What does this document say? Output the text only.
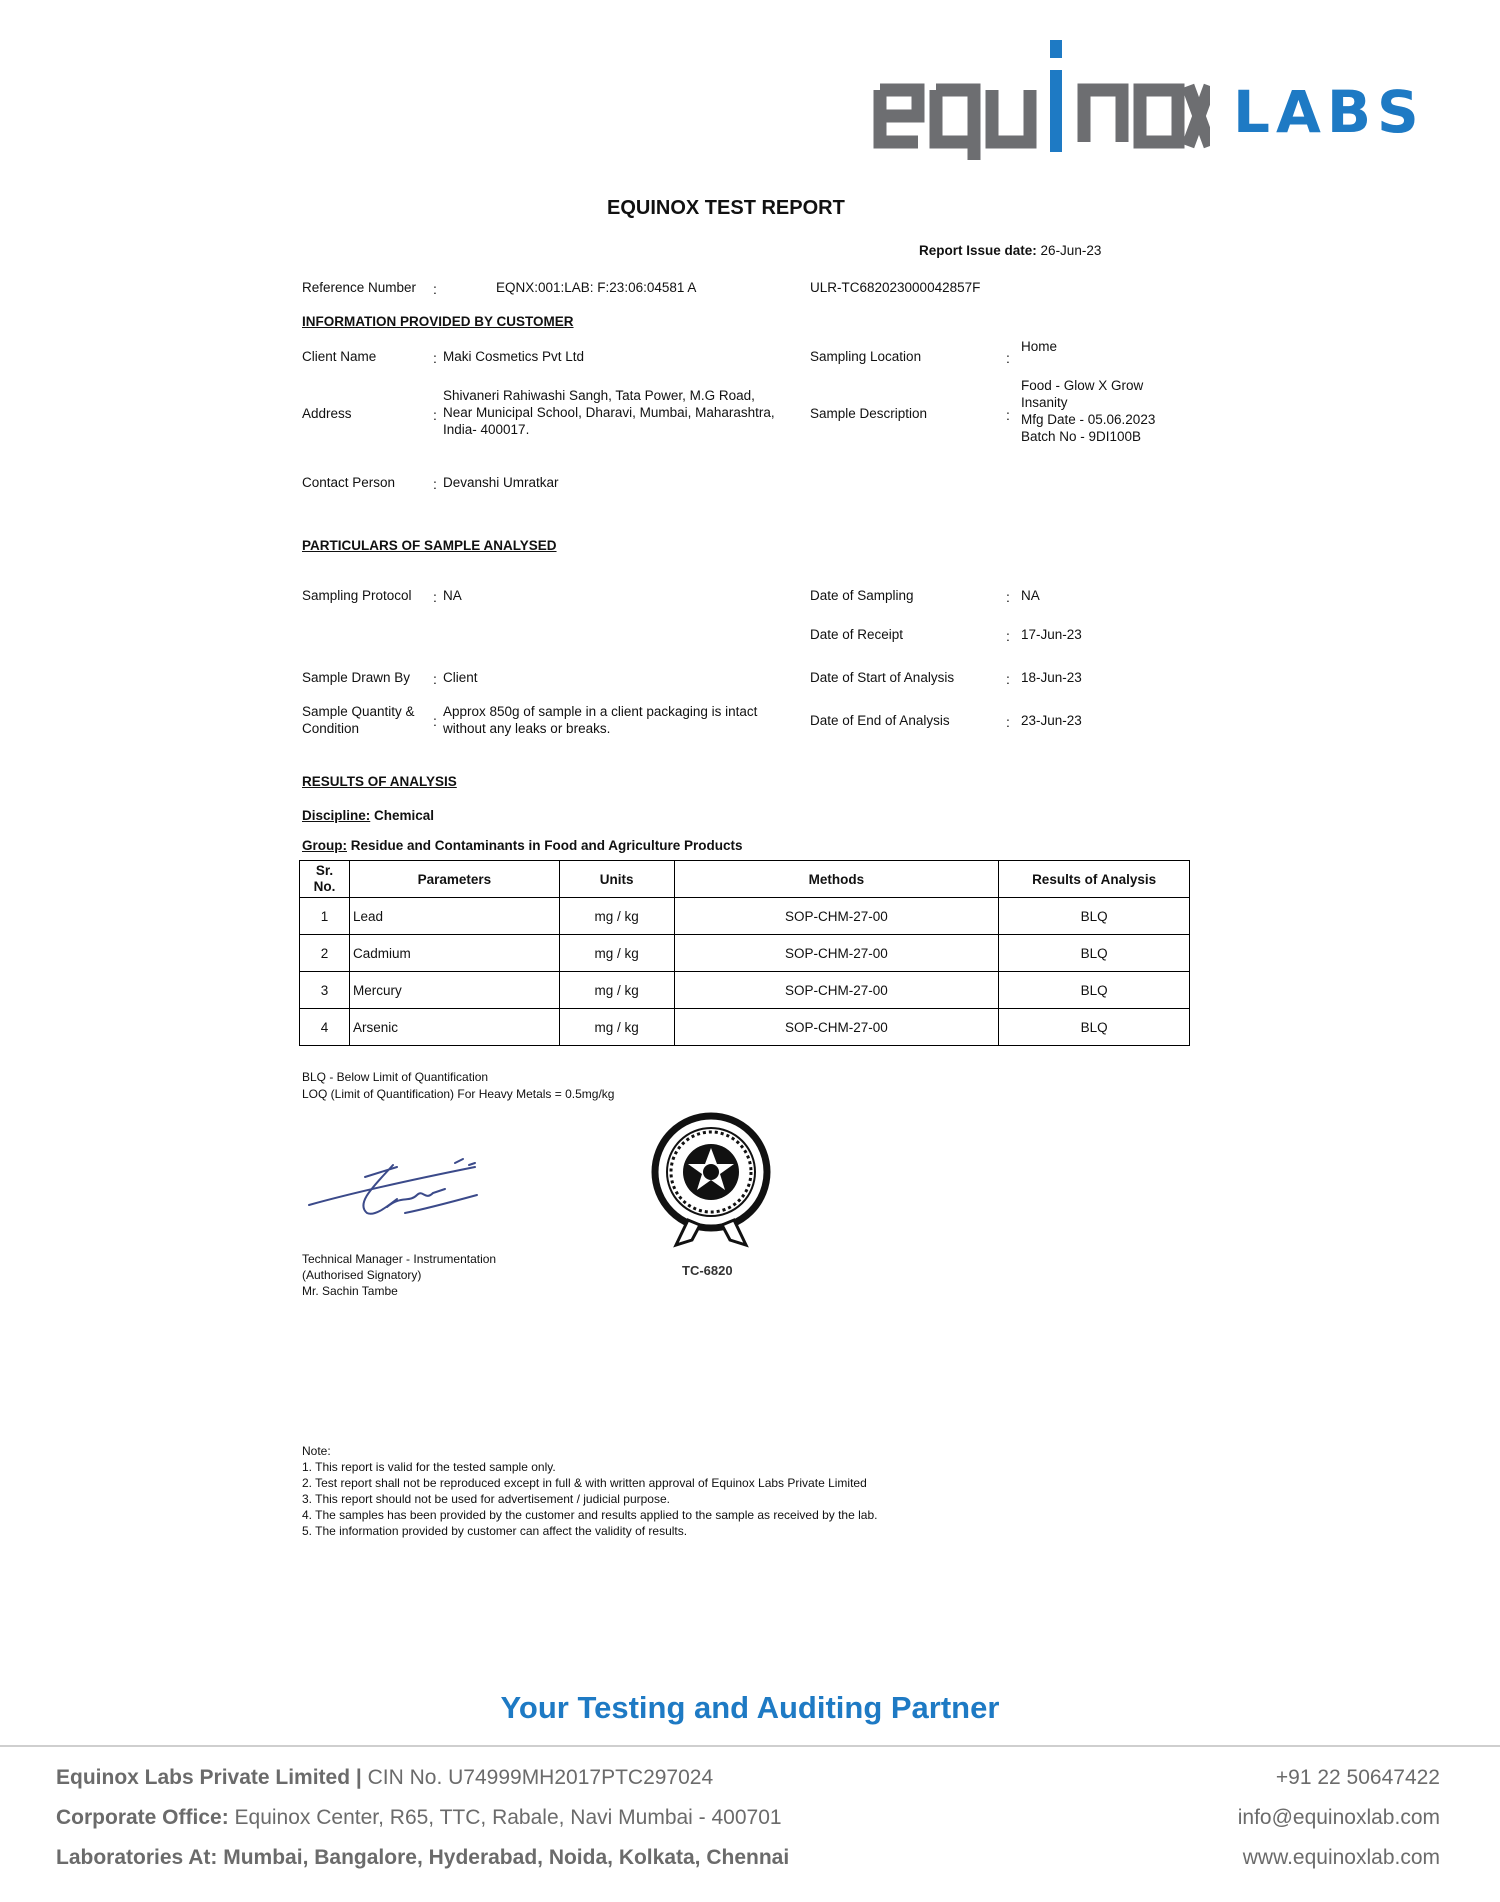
LABS
EQUINOX TEST REPORT
Report Issue date: 26-Jun-23
Reference Number :	EQNX:001:LAB: F:23:06:04581 A	ULR-TC682023000042857F
INFORMATION PROVIDED BY CUSTOMER
Client Name	: Maki Cosmetics Pvt Ltd
Address	:
Shivaneri Rahiwashi Sangh, Tata Power, M.G Road,
Near Municipal School, Dharavi, Mumbai, Maharashtra,
India- 400017.
Contact Person	: Devanshi Umratkar
Sampling Location	:
Home
Sample Description	:
Food - Glow X Grow
Insanity
Mfg Date - 05.06.2023
Batch No - 9DI100B
PARTICULARS OF SAMPLE ANALYSED
Sampling Protocol : NA
Sample Drawn By : Client
Sample Quantity &
Condition	:
Approx 850g of sample in a client packaging is intact
without any leaks or breaks.
Date of Sampling	: NA
Date of Receipt	: 17-Jun-23
Date of Start of Analysis	: 18-Jun-23
Date of End of Analysis	: 23-Jun-23
RESULTS OF ANALYSIS
Discipline: Chemical
Group: Residue and Contaminants in Food and Agriculture Products
Sr.
No.	Parameters	Units	Methods	Results of Analysis
1	Lead	mg / kg	SOP-CHM-27-00	BLQ
2	Cadmium	mg / kg	SOP-CHM-27-00	BLQ
3	Mercury	mg / kg	SOP-CHM-27-00	BLQ
4	Arsenic	mg / kg	SOP-CHM-27-00	BLQ
BLQ - Below Limit of Quantification
LOQ (Limit of Quantification) For Heavy Metals = 0.5mg/kg
Technical Manager - Instrumentation
(Authorised Signatory)
Mr. Sachin Tambe
TC-6820
Note:
1. This report is valid for the tested sample only.
2. Test report shall not be reproduced except in full & with written approval of Equinox Labs Private Limited
3. This report should not be used for advertisement / judicial purpose.
4. The samples has been provided by the customer and results applied to the sample as received by the lab.
5. The information provided by customer can affect the validity of results.
Your Testing and Auditing Partner
Equinox Labs Private Limited | CIN No. U74999MH2017PTC297024
Corporate Office: Equinox Center, R65, TTC, Rabale, Navi Mumbai - 400701
Laboratories At: Mumbai, Bangalore, Hyderabad, Noida, Kolkata, Chennai
+91 22 50647422
info@equinoxlab.com
www.equinoxlab.com
